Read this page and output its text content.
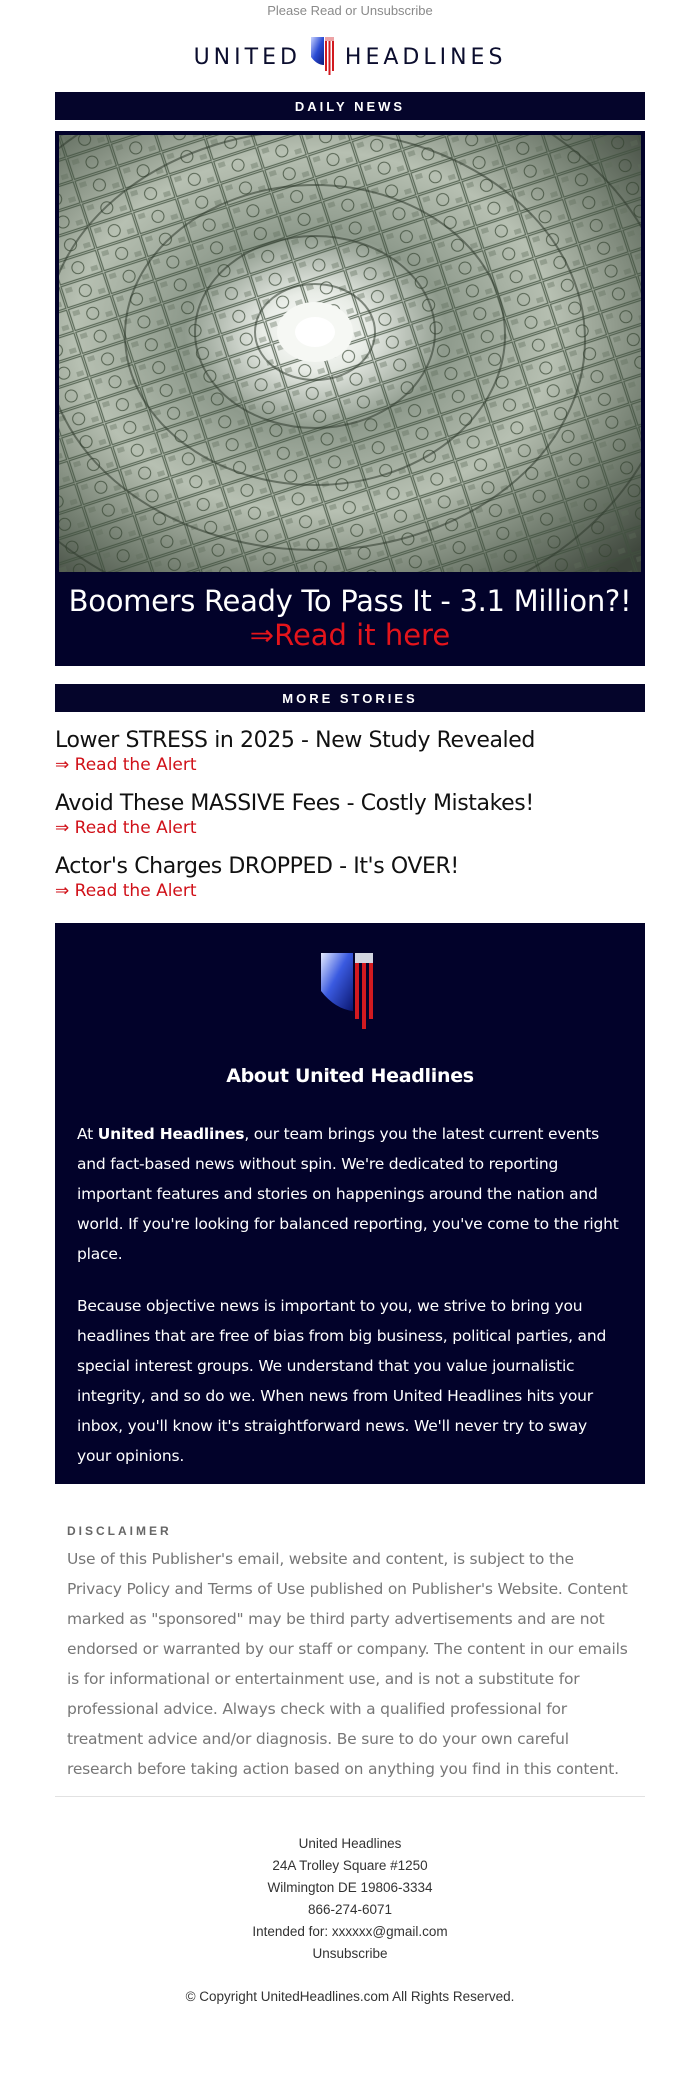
Please Read or Unsubscribe
UNITED HEADLINES
DAILY NEWS
Boomers Ready To Pass It - 3.1 Million?!
⇒Read it here
MORE STORIES
Lower STRESS in 2025 - New Study Revealed
⇒ Read the Alert
Avoid These MASSIVE Fees - Costly Mistakes!
⇒ Read the Alert
Actor's Charges DROPPED - It's OVER!
⇒ Read the Alert
About United Headlines

At United Headlines, our team brings you the latest current events and fact-based news without spin. We're dedicated to reporting important features and stories on happenings around the nation and world. If you're looking for balanced reporting, you've come to the right place.

Because objective news is important to you, we strive to bring you headlines that are free of bias from big business, political parties, and special interest groups. We understand that you value journalistic integrity, and so do we. When news from United Headlines hits your inbox, you'll know it's straightforward news. We'll never try to sway your opinions.

DISCLAIMER

Use of this Publisher's email, website and content, is subject to the Privacy Policy and Terms of Use published on Publisher's Website. Content marked as "sponsored" may be third party advertisements and are not endorsed or warranted by our staff or company. The content in our emails is for informational or entertainment use, and is not a substitute for professional advice. Always check with a qualified professional for treatment advice and/or diagnosis. Be sure to do your own careful research before taking action based on anything you find in this content.

United Headlines
24A Trolley Square #1250
Wilmington DE 19806-3334
866-274-6071
Intended for: xxxxxx@gmail.com
Unsubscribe
© Copyright UnitedHeadlines.com All Rights Reserved.
